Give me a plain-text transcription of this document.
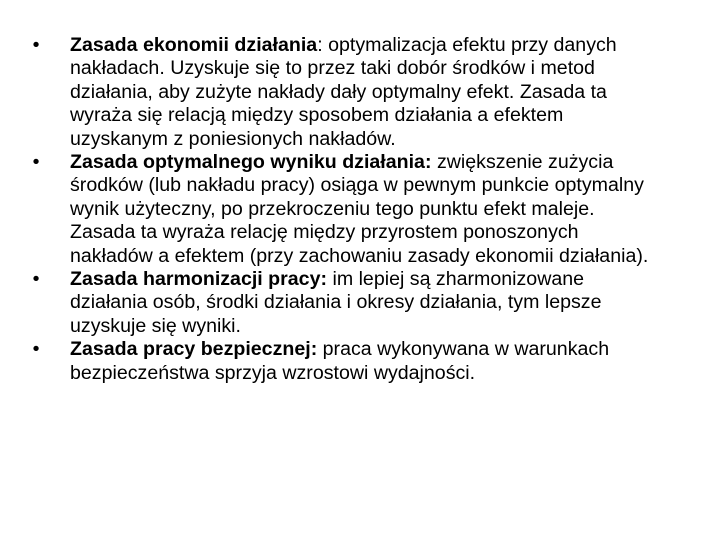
• Zasada ekonomii działania: optymalizacja efektu przy danych nakładach. Uzyskuje się to przez taki dobór środków i metod działania, aby zużyte nakłady dały optymalny efekt. Zasada ta wyraża się relacją między sposobem działania a efektem uzyskanym z poniesionych nakładów.
• Zasada optymalnego wyniku działania: zwiększenie zużycia środków (lub nakładu pracy) osiąga w pewnym punkcie optymalny wynik użyteczny, po przekroczeniu tego punktu efekt maleje. Zasada ta wyraża relację między przyrostem ponoszonych nakładów a efektem (przy zachowaniu zasady ekonomii działania).
• Zasada harmonizacji pracy: im lepiej są zharmonizowane działania osób, środki działania i okresy działania, tym lepsze uzyskuje się wyniki.
• Zasada pracy bezpiecznej: praca wykonywana w warunkach bezpieczeństwa sprzyja wzrostowi wydajności.
